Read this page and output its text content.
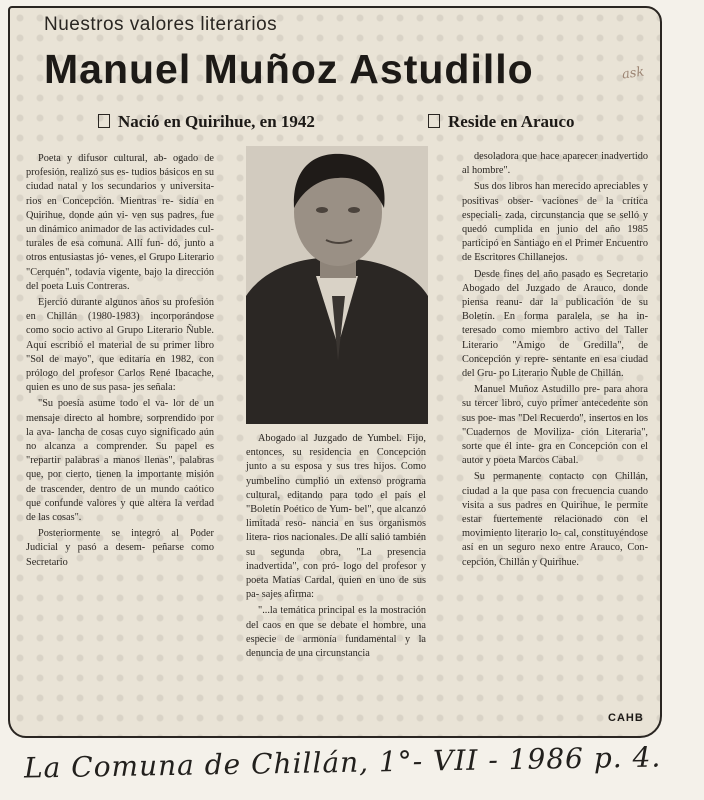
Nuestros valores literarios
Manuel Muñoz Astudillo	ask
Nació en Quirihue, en 1942	Reside en Arauco

Poeta y difusor cultural, ab- ogado de profesión, realizó sus es- tudios básicos en su ciudad natal y los secundarios y universita- rios en Concepción. Mientras re- sidía en Quirihue, donde aún vi- ven sus padres, fue un dinámico animador de las actividades cul- turales de esa comuna. Allí fun- dó, junto a otros entusiastas jó- venes, el Grupo Literario "Cerquén", todavía vigente, bajo la dirección del poeta Luis Contreras.

Ejerció durante algunos años su profesión en Chillán (1980-1983) incorporándose como socio activo al Grupo Literario Ñuble. Aquí escribió el material de su primer libro "Sol de mayo", que editaría en 1982, con prólogo del profesor Carlos René Ibacache, quien es uno de sus pasa- jes señala:

"Su poesía asume todo el va- lor de un mensaje directo al hombre, sorprendido por la ava- lancha de cosas cuyo significado aún no alcanza a comprender. Su papel es "repartir palabras a manos llenas", palabras que, por cierto, tienen la importante misión de trascender, dentro de un mundo caótico que confunde valores y que altera la verdad de las cosas".

Posteriormente se integró al Poder Judicial y pasó a desem- peñarse como Secretario

Abogado al Juzgado de Yumbel. Fijo, entonces, su residencia en Concepción junto a su esposa y sus tres hijos. Como yumbelino cumplió un extenso programa cultural, editando para todo el país el "Boletín Poético de Yum- bel", que alcanzó limitada reso- nancia en sus organismos litera- rios nacionales. De allí salió también su segunda obra, "La presencia inadvertida", con pró- logo del profesor y poeta Matías Cardal, quien en uno de sus pa- sajes afirma:

"...la temática principal es la mostración del caos en que se debate el hombre, una especie de armonía fundamental y la denuncia de una circunstancia

desoladora que hace aparecer inadvertido al hombre".

Sus dos libros han merecido apreciables y positivas obser- vaciones de la crítica especiali- zada, circunstancia que se selló y quedó cumplida en junio del año 1985 participó en Santiago en el Primer Encuentro de Escritores Chillanejos.

Desde fines del año pasado es Secretario Abogado del Juzgado de Arauco, donde piensa reanu- dar la publicación de su Boletín. En forma paralela, se ha in- teresado como miembro activo del Taller Literario "Amigo de Gredilla", de Concepción y repre- sentante en esa ciudad del Gru- po Literario Ñuble de Chillán.

Manuel Muñoz Astudillo pre- para ahora su tercer libro, cuyo primer antecedente son sus poe- mas "Del Recuerdo", insertos en los "Cuadernos de Moviliza- ción Literaria", sorte que él inte- gra en Concepción con el autor y poeta Marcos Cabal.

Su permanente contacto con Chillán, ciudad a la que pasa con frecuencia cuando visita a sus padres en Quirihue, le permite estar fuertemente relacionado con el movimiento literario lo- cal, constituyéndose así en un seguro nexo entre Arauco, Con- cepción, Chillán y Quirihue.

CAHB

La Comuna de Chillán, 1°- VII - 1986 p. 4.
